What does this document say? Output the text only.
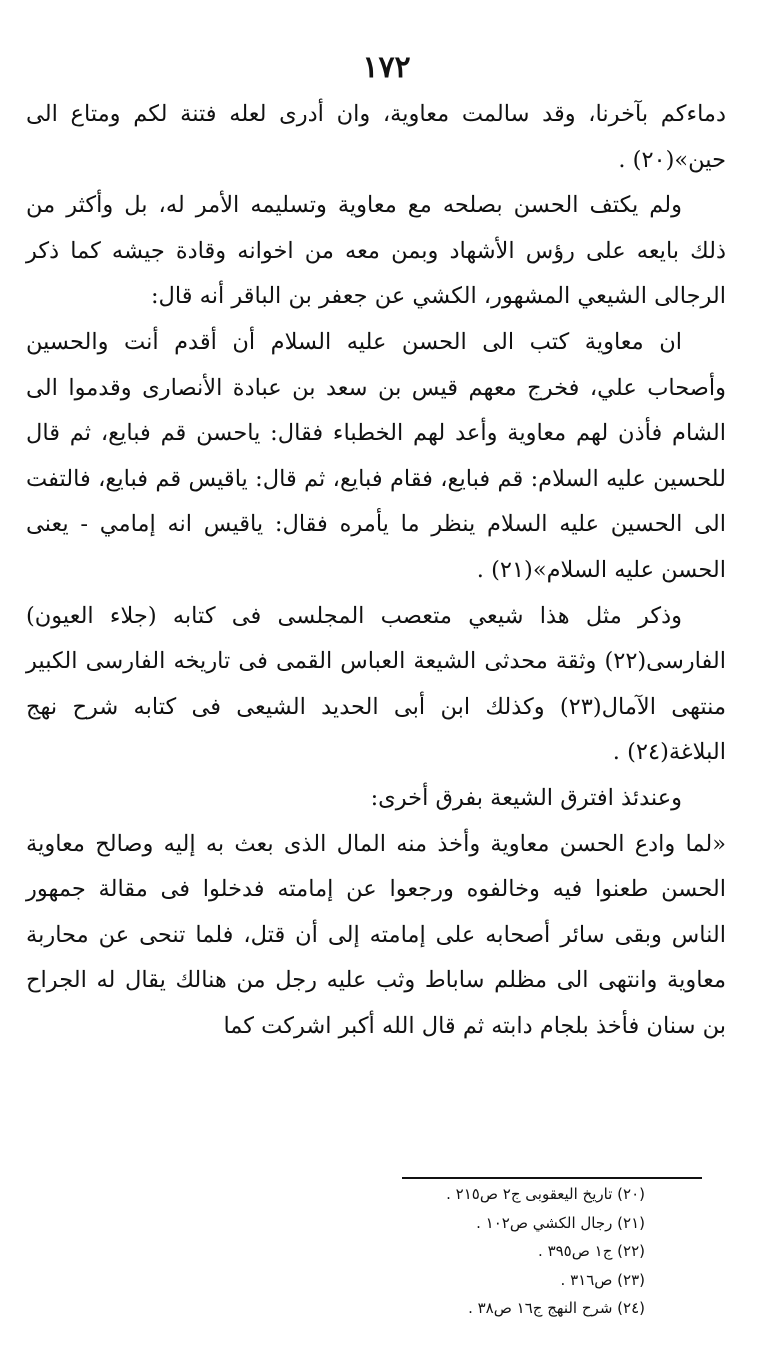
١٧٢

دماءكم بآخرنا، وقد سالمت معاوية، وان أدرى لعله فتنة لكم ومتاع الى حين»(٢٠) .

ولم يكتف الحسن بصلحه مع معاوية وتسليمه الأمر له، بل وأكثر من ذلك بايعه على رؤس الأشهاد وبمن معه من اخوانه وقادة جيشه كما ذكر الرجالى الشيعي المشهور، الكشي عن جعفر بن الباقر أنه قال:

ان معاوية كتب الى الحسن عليه السلام أن أقدم أنت والحسين وأصحاب علي، فخرج معهم قيس بن سعد بن عبادة الأنصارى وقدموا الى الشام فأذن لهم معاوية وأعد لهم الخطباء فقال: ياحسن قم فبايع، ثم قال للحسين عليه السلام: قم فبايع، فقام فبايع، ثم قال: ياقيس قم فبايع، فالتفت الى الحسين عليه السلام ينظر ما يأمره فقال: ياقيس انه إمامي - يعنى الحسن عليه السلام»(٢١) .

وذكر مثل هذا شيعي متعصب المجلسى فى كتابه (جلاء العيون) الفارسى(٢٢) وثقة محدثى الشيعة العباس القمى فى تاريخه الفارسى الكبير منتهى الآمال(٢٣) وكذلك ابن أبى الحديد الشيعى فى كتابه شرح نهج البلاغة(٢٤) .

وعندئذ افترق الشيعة بفرق أخرى:

«لما وادع الحسن معاوية وأخذ منه المال الذى بعث به إليه وصالح معاوية الحسن طعنوا فيه وخالفوه ورجعوا عن إمامته فدخلوا فى مقالة جمهور الناس وبقى سائر أصحابه على إمامته إلى أن قتل، فلما تنحى عن محاربة معاوية وانتهى الى مظلم ساباط وثب عليه رجل من هنالك يقال له الجراح بن سنان فأخذ بلجام دابته ثم قال الله أكبر اشركت كما

(٢٠) تاريخ اليعقوبى ج٢ ص٢١٥ .

(٢١) رجال الكشي ص١٠٢ .

(٢٢) ج١ ص٣٩٥ .

(٢٣) ص٣١٦ .

(٢٤) شرح النهج ج١٦ ص٣٨ .
